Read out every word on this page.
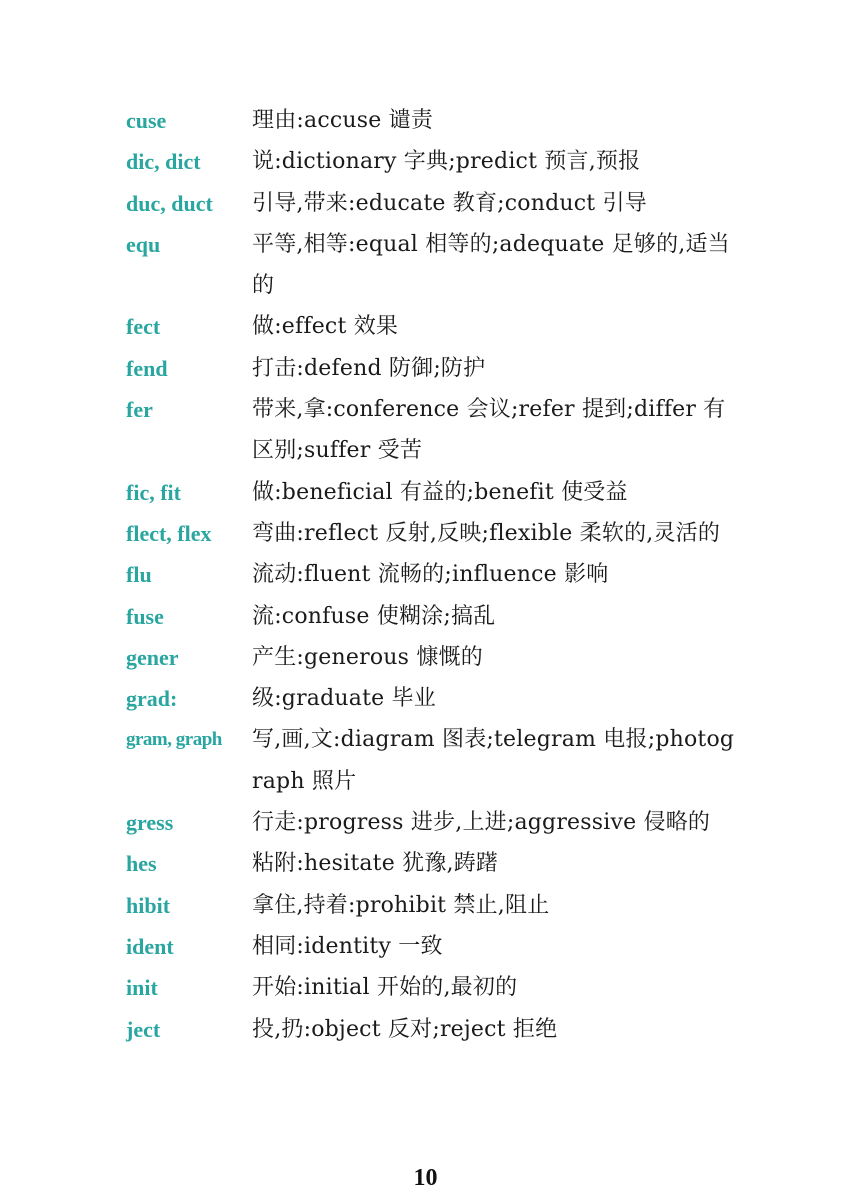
cuse	理由:accuse 谴责
dic, dict	说:dictionary 字典;predict 预言,预报
duc, duct	引导,带来:educate 教育;conduct 引导
equ	平等,相等:equal 相等的;adequate 足够的,适当的
fect	做:effect 效果
fend	打击:defend 防御;防护
fer	带来,拿:conference 会议;refer 提到;differ 有区别;suffer 受苦
fic, fit	做:beneficial 有益的;benefit 使受益
flect, flex	弯曲:reflect 反射,反映;flexible 柔软的,灵活的
flu	流动:fluent 流畅的;influence 影响
fuse	流:confuse 使糊涂;搞乱
gener	产生:generous 慷慨的
grad:	级:graduate 毕业
gram, graph	写,画,文:diagram 图表;telegram 电报;photograph 照片
gress	行走:progress 进步,上进;aggressive 侵略的
hes	粘附:hesitate 犹豫,踌躇
hibit	拿住,持着:prohibit 禁止,阻止
ident	相同:identity 一致
init	开始:initial 开始的,最初的
ject	投,扔:object 反对;reject 拒绝
10
